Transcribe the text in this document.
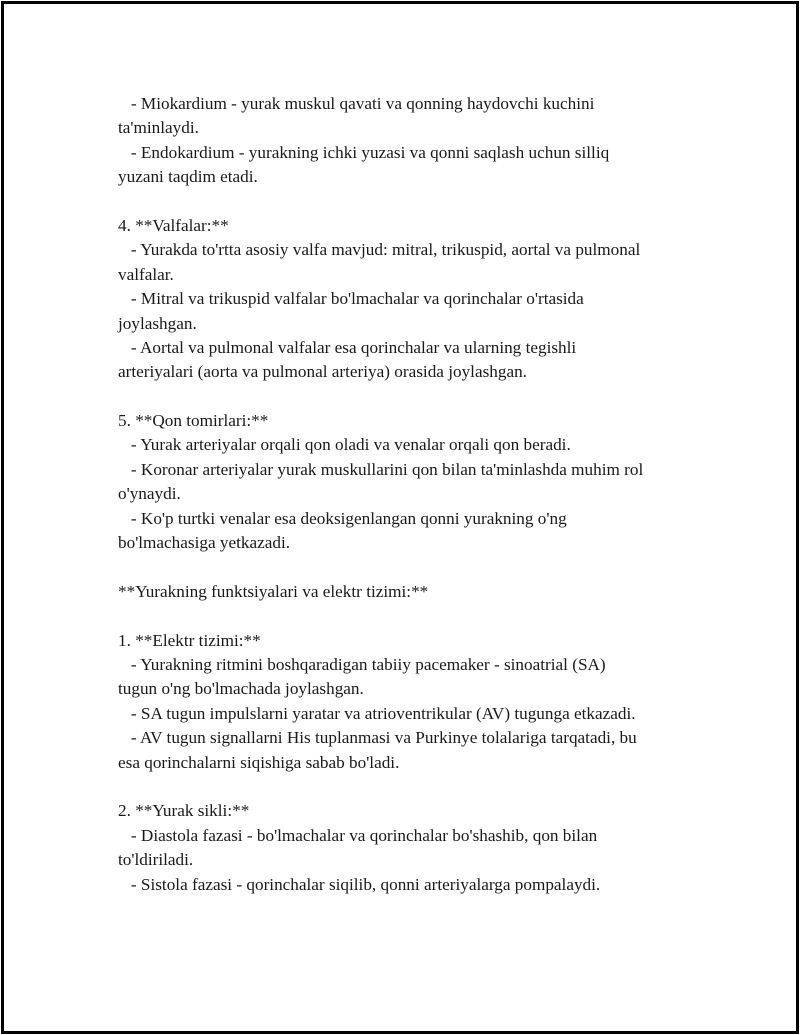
- Miokardium - yurak muskul qavati va qonning haydovchi kuchini
ta'minlaydi.
- Endokardium - yurakning ichki yuzasi va qonni saqlash uchun silliq
yuzani taqdim etadi.
4. **Valfalar:**
- Yurakda to'rtta asosiy valfa mavjud: mitral, trikuspid, aortal va pulmonal
valfalar.
- Mitral va trikuspid valfalar bo'lmachalar va qorinchalar o'rtasida
joylashgan.
- Aortal va pulmonal valfalar esa qorinchalar va ularning tegishli
arteriyalari (aorta va pulmonal arteriya) orasida joylashgan.
5. **Qon tomirlari:**
- Yurak arteriyalar orqali qon oladi va venalar orqali qon beradi.
- Koronar arteriyalar yurak muskullarini qon bilan ta'minlashda muhim rol
o'ynaydi.
- Ko'p turtki venalar esa deoksigenlangan qonni yurakning o'ng
bo'lmachasiga yetkazadi.
**Yurakning funktsiyalari va elektr tizimi:**
1. **Elektr tizimi:**
- Yurakning ritmini boshqaradigan tabiiy pacemaker - sinoatrial (SA)
tugun o'ng bo'lmachada joylashgan.
- SA tugun impulslarni yaratar va atrioventrikular (AV) tugunga etkazadi.
- AV tugun signallarni His tuplanmasi va Purkinye tolalariga tarqatadi, bu
esa qorinchalarni siqishiga sabab bo'ladi.
2. **Yurak sikli:**
- Diastola fazasi - bo'lmachalar va qorinchalar bo'shashib, qon bilan
to'ldiriladi.
- Sistola fazasi - qorinchalar siqilib, qonni arteriyalarga pompalaydi.
